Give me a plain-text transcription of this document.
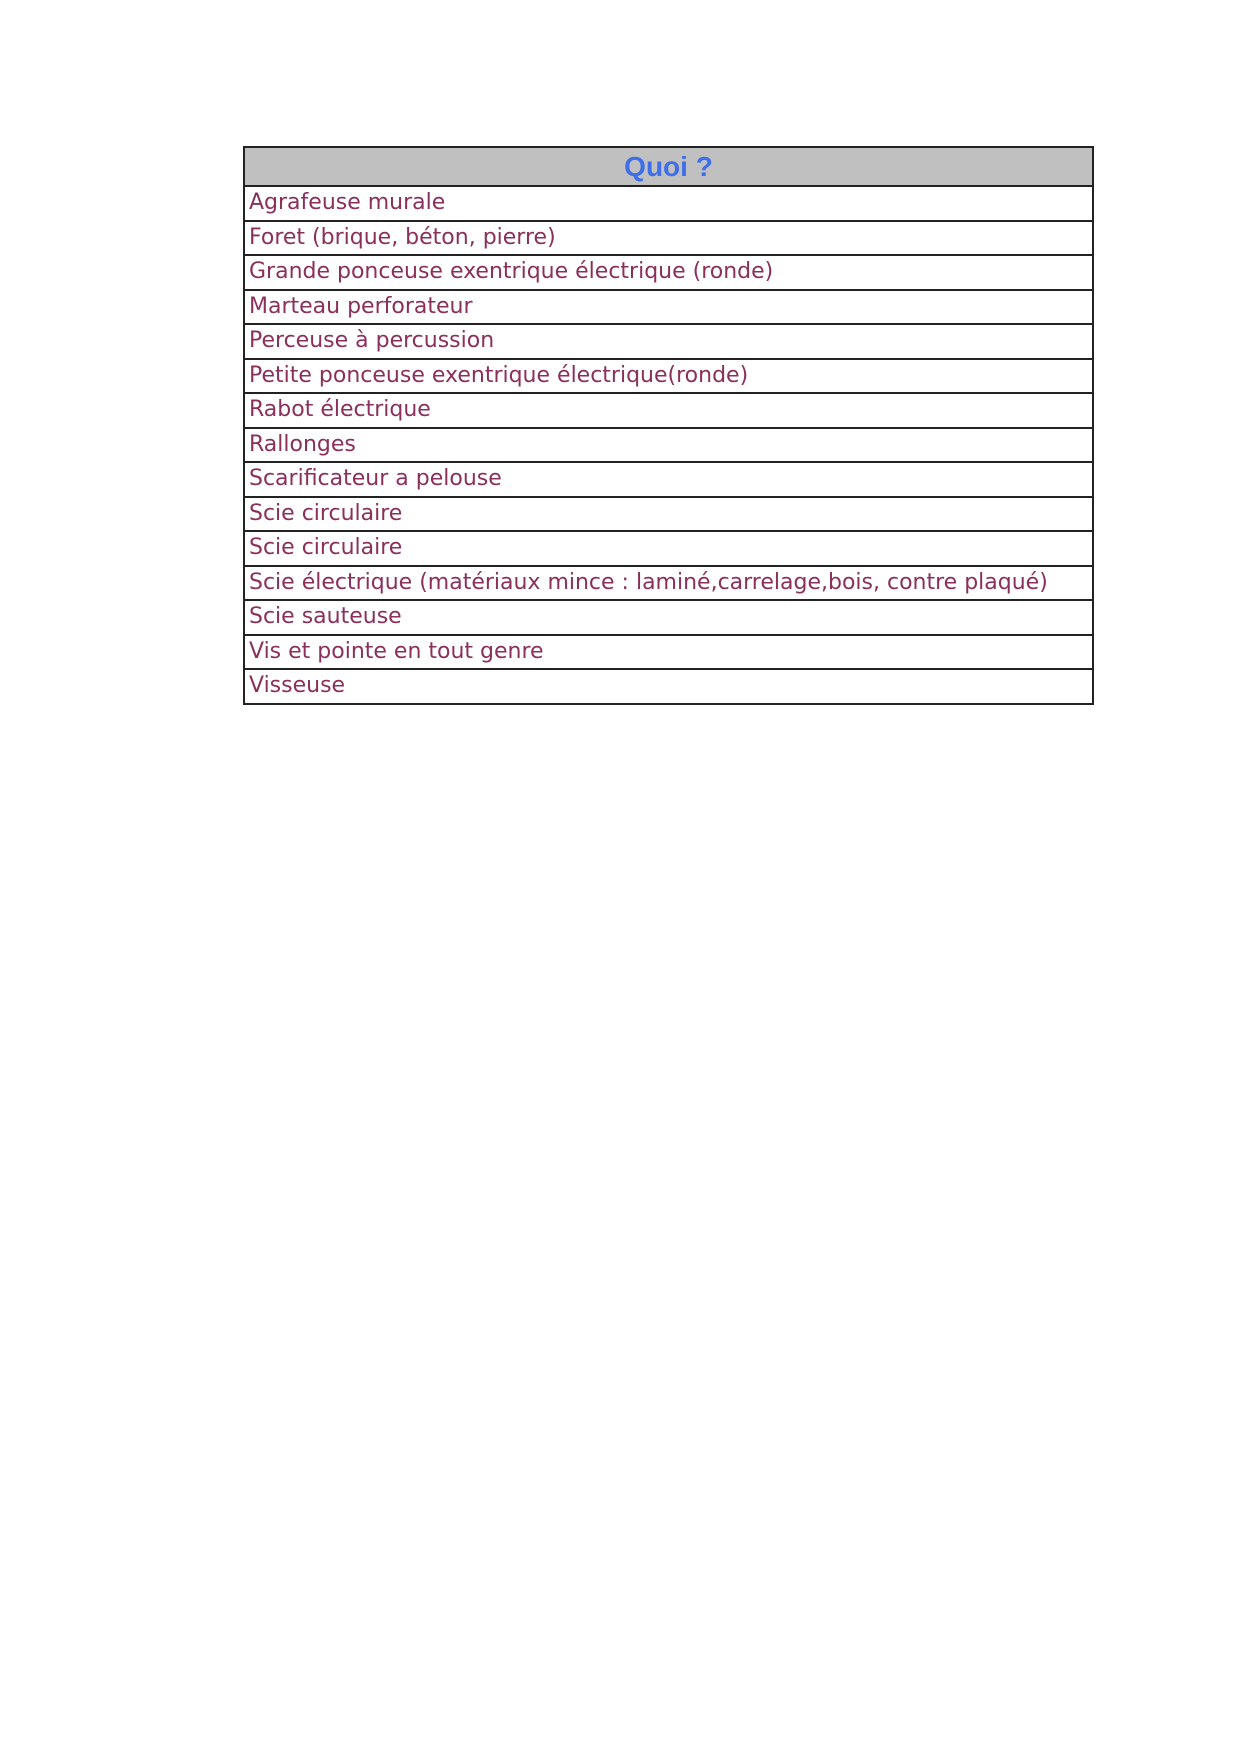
Quoi ?
Agrafeuse murale
Foret (brique, béton, pierre)
Grande ponceuse exentrique électrique (ronde)
Marteau perforateur
Perceuse à percussion
Petite ponceuse exentrique électrique(ronde)
Rabot électrique
Rallonges
Scarificateur a pelouse
Scie circulaire
Scie circulaire
Scie électrique (matériaux mince : laminé,carrelage,bois, contre plaqué)
Scie sauteuse
Vis et pointe en tout genre
Visseuse
